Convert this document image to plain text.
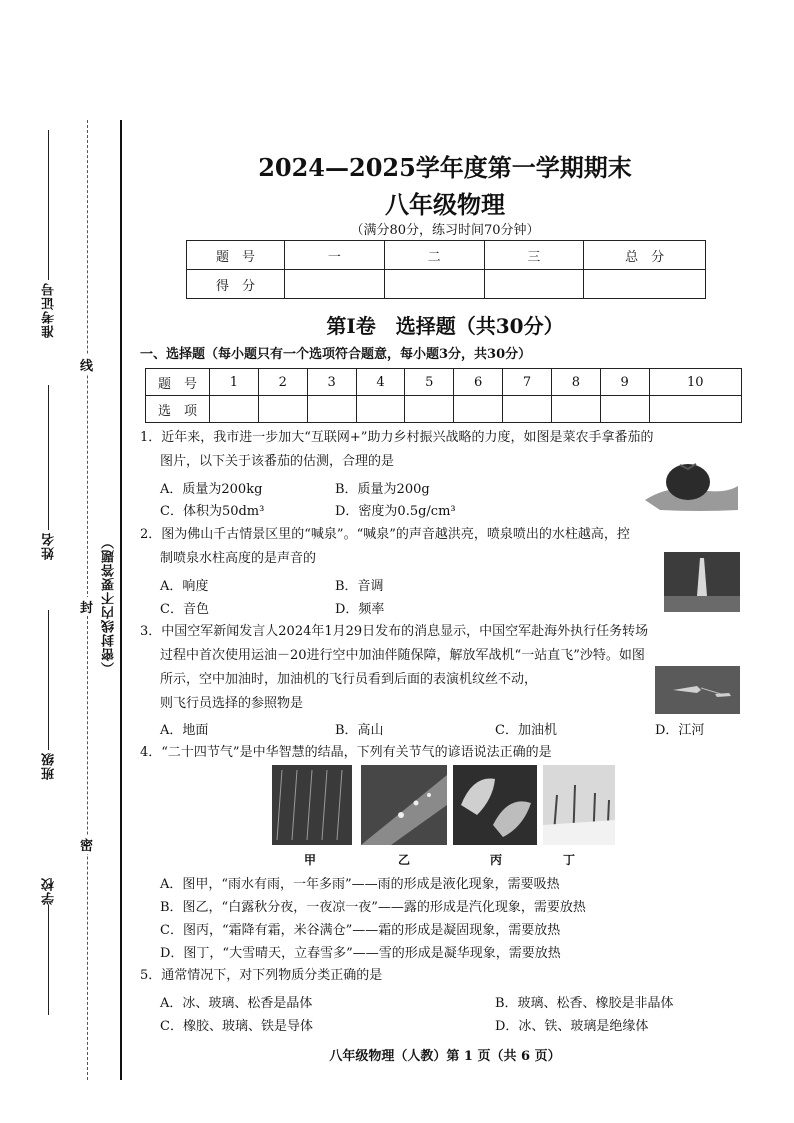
准考证号
姓名
班级
学校
（密封线内不要答题）
线
封
密
2024—2025学年度第一学期期末
八年级物理
（满分80分，练习时间70分钟）
题　号	一	二	三	总　分
得　分				
第Ⅰ卷　选择题（共30分）
一、选择题（每小题只有一个选项符合题意，每小题3分，共30分）
题　号	1	2	3	4	5	6	7	8	9	10
选　项										
1．近年来，我市进一步加大“互联网+”助力乡村振兴战略的力度，如图是菜农手拿番茄的
图片，以下关于该番茄的估测，合理的是
A．质量为200kg	B．质量为200g
C．体积为50dm³	D．密度为0.5g/cm³
2．图为佛山千古情景区里的“喊泉”。“喊泉”的声音越洪亮，喷泉喷出的水柱越高，控
制喷泉水柱高度的是声音的
A．响度	B．音调
C．音色	D．频率
3．中国空军新闻发言人2024年1月29日发布的消息显示，中国空军赴海外执行任务转场
过程中首次使用运油－20进行空中加油伴随保障，解放军战机“一站直飞”沙特。如图
所示，空中加油时，加油机的飞行员看到后面的表演机纹丝不动，
则飞行员选择的参照物是
A．地面	B．高山	C．加油机	D．江河
4．“二十四节气”是中华智慧的结晶，下列有关节气的谚语说法正确的是
甲	乙	丙	丁
A．图甲，“雨水有雨，一年多雨”——雨的形成是液化现象，需要吸热
B．图乙，“白露秋分夜，一夜凉一夜”——露的形成是汽化现象，需要放热
C．图丙，“霜降有霜，米谷满仓”——霜的形成是凝固现象，需要放热
D．图丁，“大雪晴天，立春雪多”——雪的形成是凝华现象，需要放热
5．通常情况下，对下列物质分类正确的是
A．冰、玻璃、松香是晶体	B．玻璃、松香、橡胶是非晶体
C．橡胶、玻璃、铁是导体	D．冰、铁、玻璃是绝缘体
八年级物理（人教）第 1 页（共 6 页）
